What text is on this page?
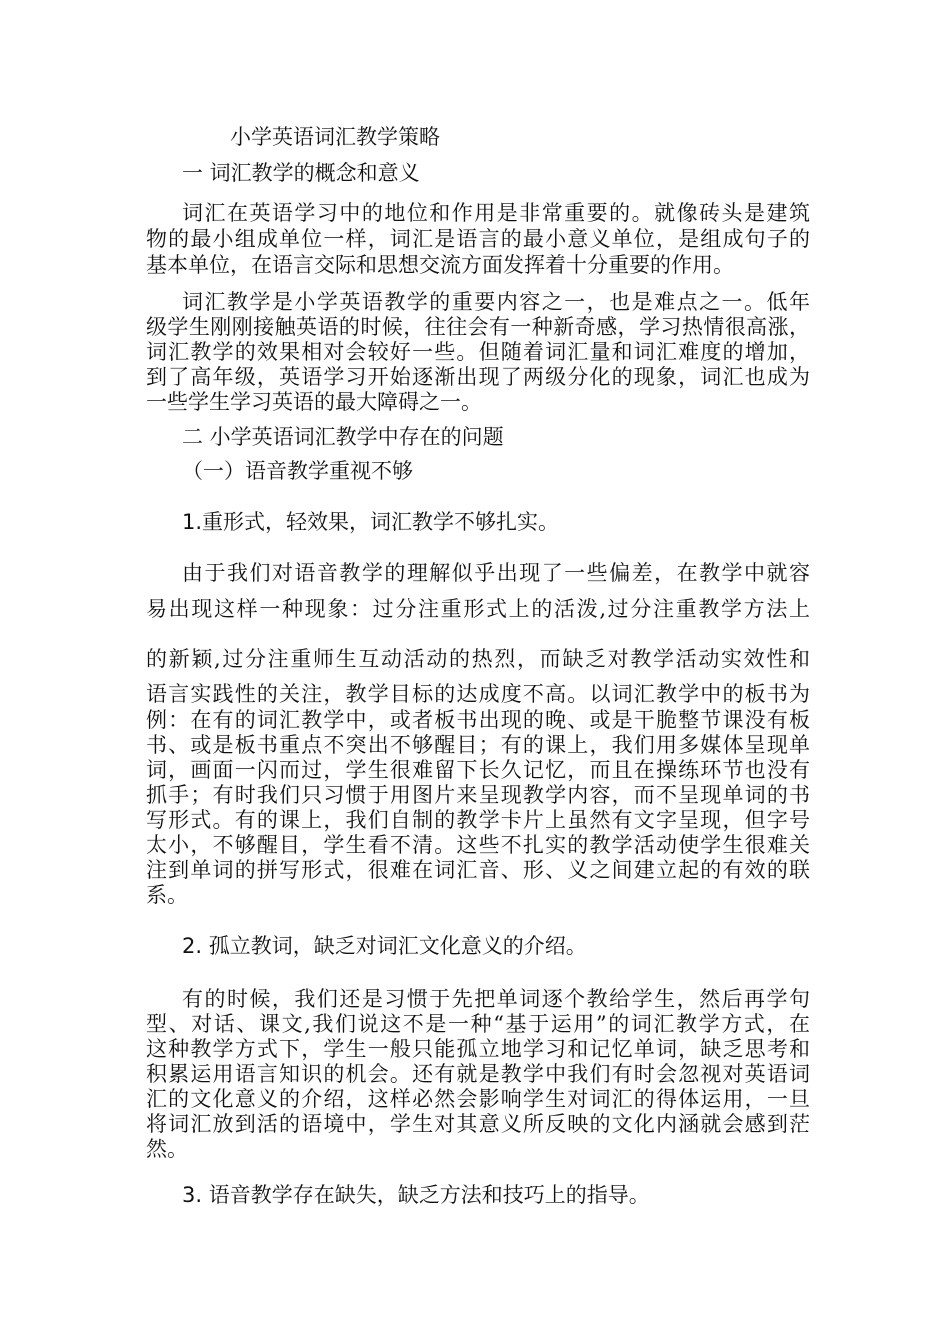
小学英语词汇教学策略
一 词汇教学的概念和意义
词汇在英语学习中的地位和作用是非常重要的。就像砖头是建筑
物的最小组成单位一样，词汇是语言的最小意义单位，是组成句子的
基本单位，在语言交际和思想交流方面发挥着十分重要的作用。
词汇教学是小学英语教学的重要内容之一，也是难点之一。低年
级学生刚刚接触英语的时候，往往会有一种新奇感，学习热情很高涨，
词汇教学的效果相对会较好一些。但随着词汇量和词汇难度的增加，
到了高年级，英语学习开始逐渐出现了两级分化的现象，词汇也成为
一些学生学习英语的最大障碍之一。
二 小学英语词汇教学中存在的问题
（一）语音教学重视不够
1.重形式，轻效果，词汇教学不够扎实。
由于我们对语音教学的理解似乎出现了一些偏差，在教学中就容
易出现这样一种现象：过分注重形式上的活泼,过分注重教学方法上
的新颖,过分注重师生互动活动的热烈，而缺乏对教学活动实效性和
语言实践性的关注，教学目标的达成度不高。以词汇教学中的板书为
例：在有的词汇教学中，或者板书出现的晚、或是干脆整节课没有板
书、或是板书重点不突出不够醒目；有的课上，我们用多媒体呈现单
词，画面一闪而过，学生很难留下长久记忆，而且在操练环节也没有
抓手；有时我们只习惯于用图片来呈现教学内容，而不呈现单词的书
写形式。有的课上，我们自制的教学卡片上虽然有文字呈现，但字号
太小，不够醒目，学生看不清。这些不扎实的教学活动使学生很难关
注到单词的拼写形式，很难在词汇音、形、义之间建立起的有效的联
系。
2. 孤立教词，缺乏对词汇文化意义的介绍。
有的时候，我们还是习惯于先把单词逐个教给学生，然后再学句
型、对话、课文,我们说这不是一种“基于运用”的词汇教学方式，在
这种教学方式下，学生一般只能孤立地学习和记忆单词，缺乏思考和
积累运用语言知识的机会。还有就是教学中我们有时会忽视对英语词
汇的文化意义的介绍，这样必然会影响学生对词汇的得体运用，一旦
将词汇放到活的语境中，学生对其意义所反映的文化内涵就会感到茫
然。
3. 语音教学存在缺失，缺乏方法和技巧上的指导。
